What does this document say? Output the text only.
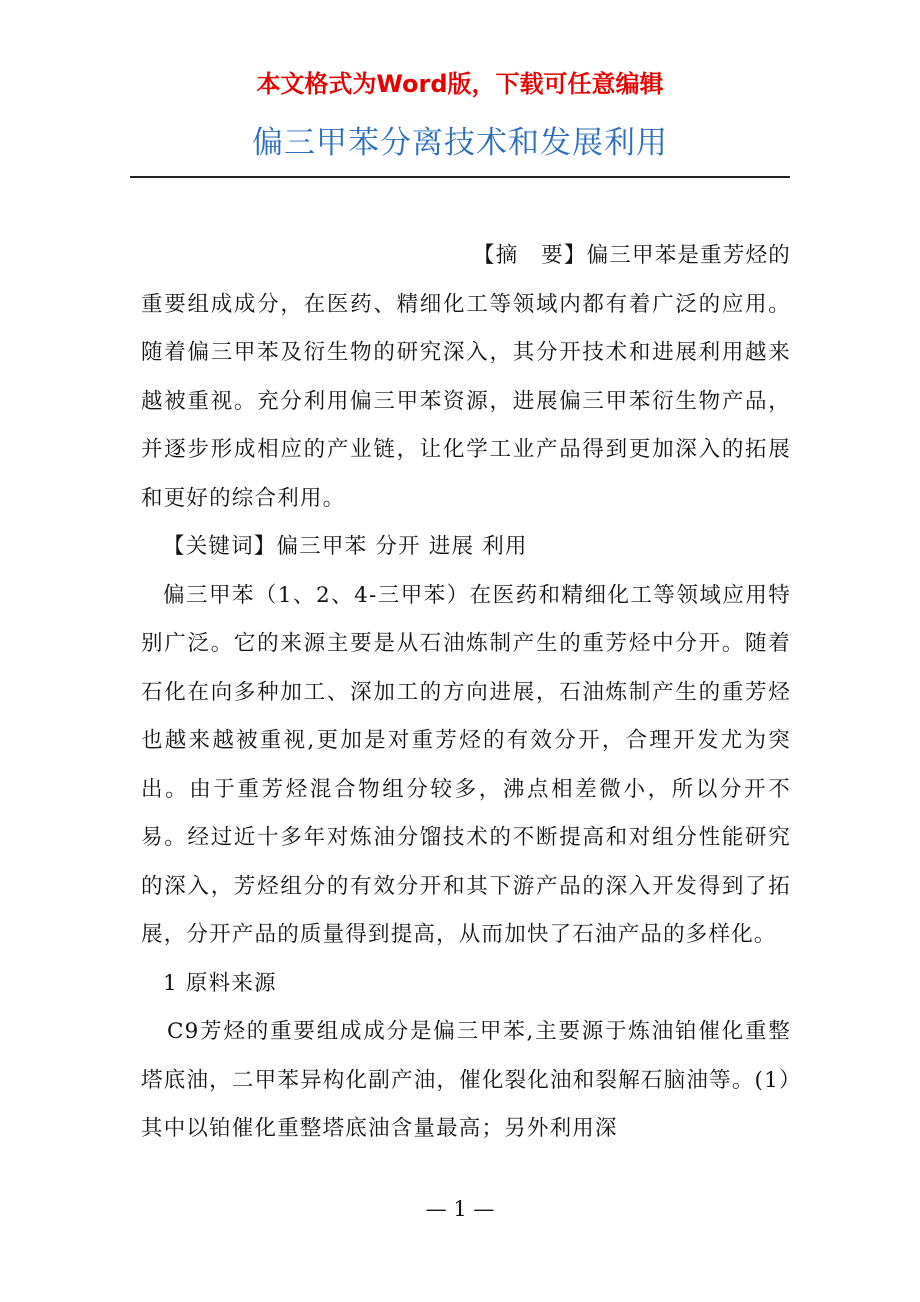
本文格式为Word版，下载可任意编辑
偏三甲苯分离技术和发展利用

【摘　要】偏三甲苯是重芳烃的重要组成成分，在医药、精细化工等领域内都有着广泛的应用。随着偏三甲苯及衍生物的研究深入，其分开技术和进展利用越来越被重视。充分利用偏三甲苯资源，进展偏三甲苯衍生物产品，并逐步形成相应的产业链，让化学工业产品得到更加深入的拓展和更好的综合利用。

【关键词】偏三甲苯 分开 进展 利用

偏三甲苯（1、2、4-三甲苯）在医药和精细化工等领域应用特别广泛。它的来源主要是从石油炼制产生的重芳烃中分开。随着石化在向多种加工、深加工的方向进展，石油炼制产生的重芳烃也越来越被重视,更加是对重芳烃的有效分开，合理开发尤为突出。由于重芳烃混合物组分较多，沸点相差微小，所以分开不易。经过近十多年对炼油分馏技术的不断提高和对组分性能研究的深入，芳烃组分的有效分开和其下游产品的深入开发得到了拓展，分开产品的质量得到提高，从而加快了石油产品的多样化。

1 原料来源

C9芳烃的重要组成成分是偏三甲苯,主要源于炼油铂催化重整塔底油，二甲苯异构化副产油，催化裂化油和裂解石脑油等。(1）其中以铂催化重整塔底油含量最高；另外利用深

— 1 —
